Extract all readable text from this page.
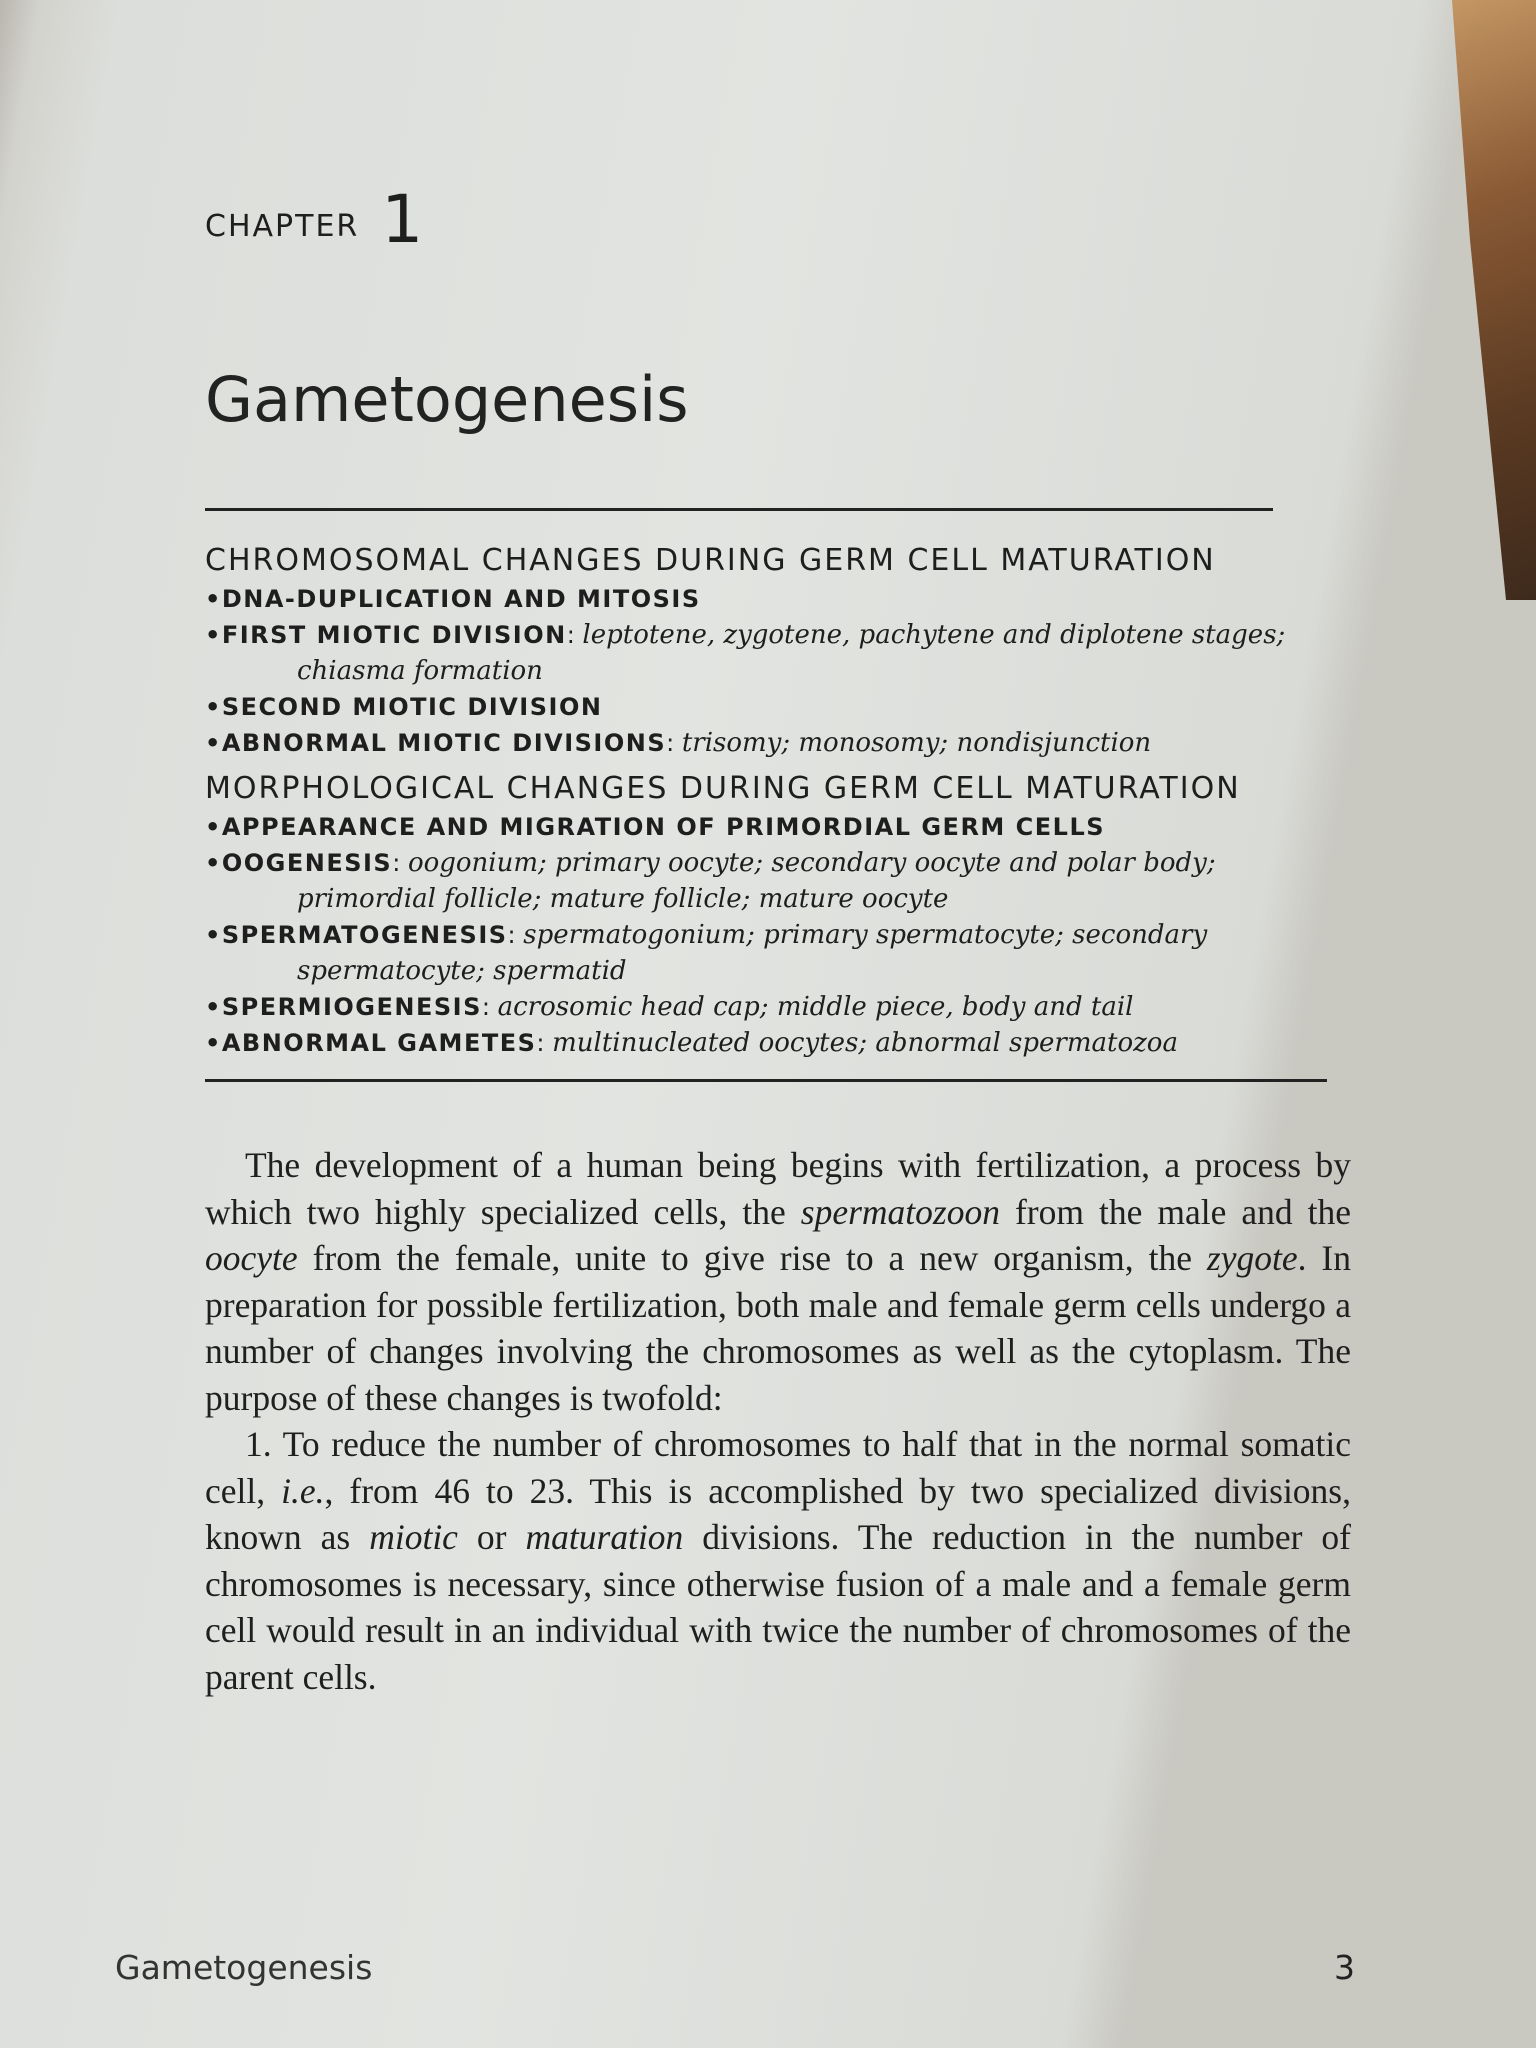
CHAPTER 1
Gametogenesis
CHROMOSOMAL CHANGES DURING GERM CELL MATURATION
•DNA-DUPLICATION AND MITOSIS
•FIRST MIOTIC DIVISION: leptotene, zygotene, pachytene and diplotene stages; chiasma formation
•SECOND MIOTIC DIVISION
•ABNORMAL MIOTIC DIVISIONS: trisomy; monosomy; nondisjunction
MORPHOLOGICAL CHANGES DURING GERM CELL MATURATION
•APPEARANCE AND MIGRATION OF PRIMORDIAL GERM CELLS
•OOGENESIS: oogonium; primary oocyte; secondary oocyte and polar body; primordial follicle; mature follicle; mature oocyte
•SPERMATOGENESIS: spermatogonium; primary spermatocyte; secondary spermatocyte; spermatid
•SPERMIOGENESIS: acrosomic head cap; middle piece, body and tail
•ABNORMAL GAMETES: multinucleated oocytes; abnormal spermatozoa

The development of a human being begins with fertilization, a process by which two highly specialized cells, the spermatozoon from the male and the oocyte from the female, unite to give rise to a new organism, the zygote. In preparation for possible fertilization, both male and female germ cells undergo a number of changes involving the chromosomes as well as the cytoplasm. The purpose of these changes is twofold:

1. To reduce the number of chromosomes to half that in the normal somatic cell, i.e., from 46 to 23. This is accomplished by two specialized divisions, known as miotic or maturation divisions. The reduction in the number of chromosomes is necessary, since otherwise fusion of a male and a female germ cell would result in an individual with twice the number of chromosomes of the parent cells.

Gametogenesis	3
